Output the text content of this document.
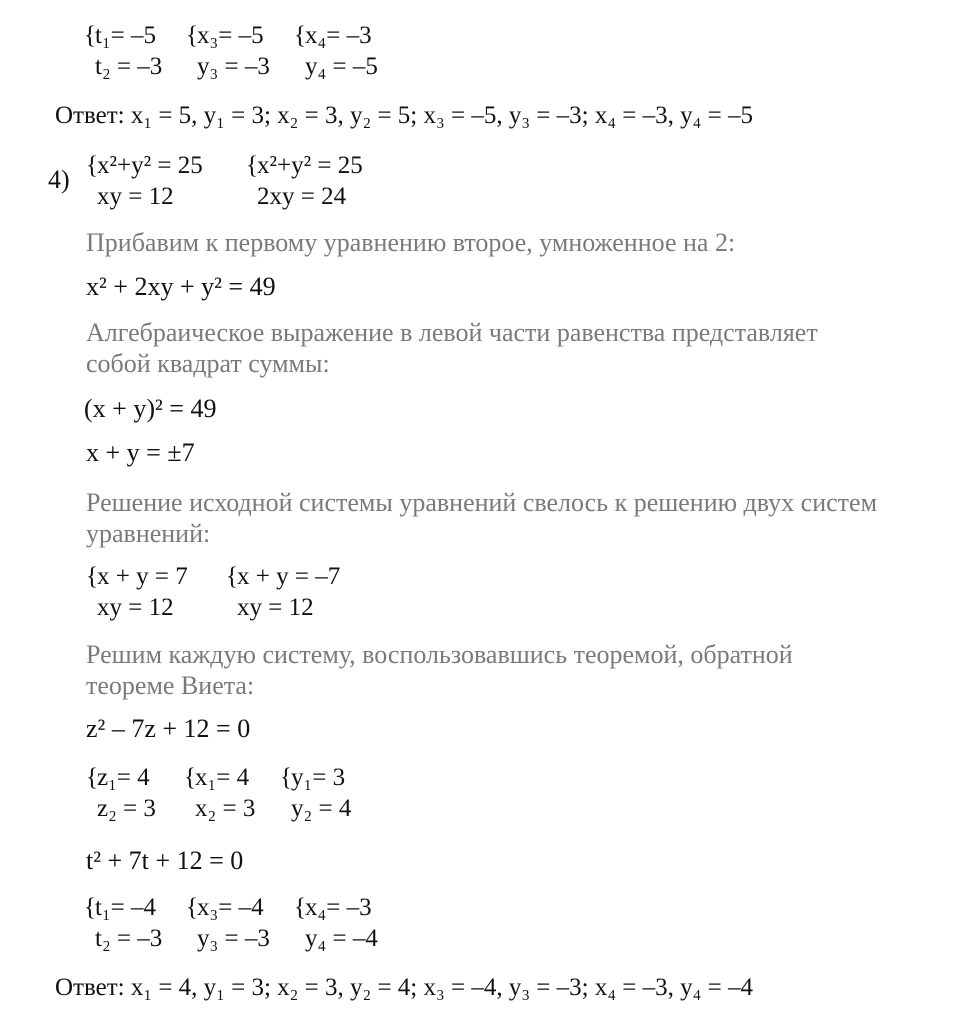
{ t₁= –5
t₂ = –3
{ x₃= –5
y₃ = –3
{ x₄= –3
y₄ = –5
Ответ: x₁ = 5, y₁ = 3; x₂ = 3, y₂ = 5; x₃ = –5, y₃ = –3; x₄ = –3, y₄ = –5
4) { x²+y² = 25
xy = 12
{ x²+y² = 25
2xy = 24
Прибавим к первому уравнению второе, умноженное на 2:
x² + 2xy + y² = 49
Алгебраическое выражение в левой части равенства представляет
собой квадрат суммы:
(x + y)² = 49
x + y = ±7
Решение исходной системы уравнений свелось к решению двух систем
уравнений:
{ x + y = 7
xy = 12
{ x + y = –7
xy = 12
Решим каждую систему, воспользовавшись теоремой, обратной
теореме Виета:
z² – 7z + 12 = 0
{ z₁= 4
z₂ = 3
{ x₁= 4
x₂ = 3
{ y₁= 3
y₂ = 4
t² + 7t + 12 = 0
{ t₁= –4
t₂ = –3
{ x₃= –4
y₃ = –3
{ x₄= –3
y₄ = –4
Ответ: x₁ = 4, y₁ = 3; x₂ = 3, y₂ = 4; x₃ = –4, y₃ = –3; x₄ = –3, y₄ = –4
